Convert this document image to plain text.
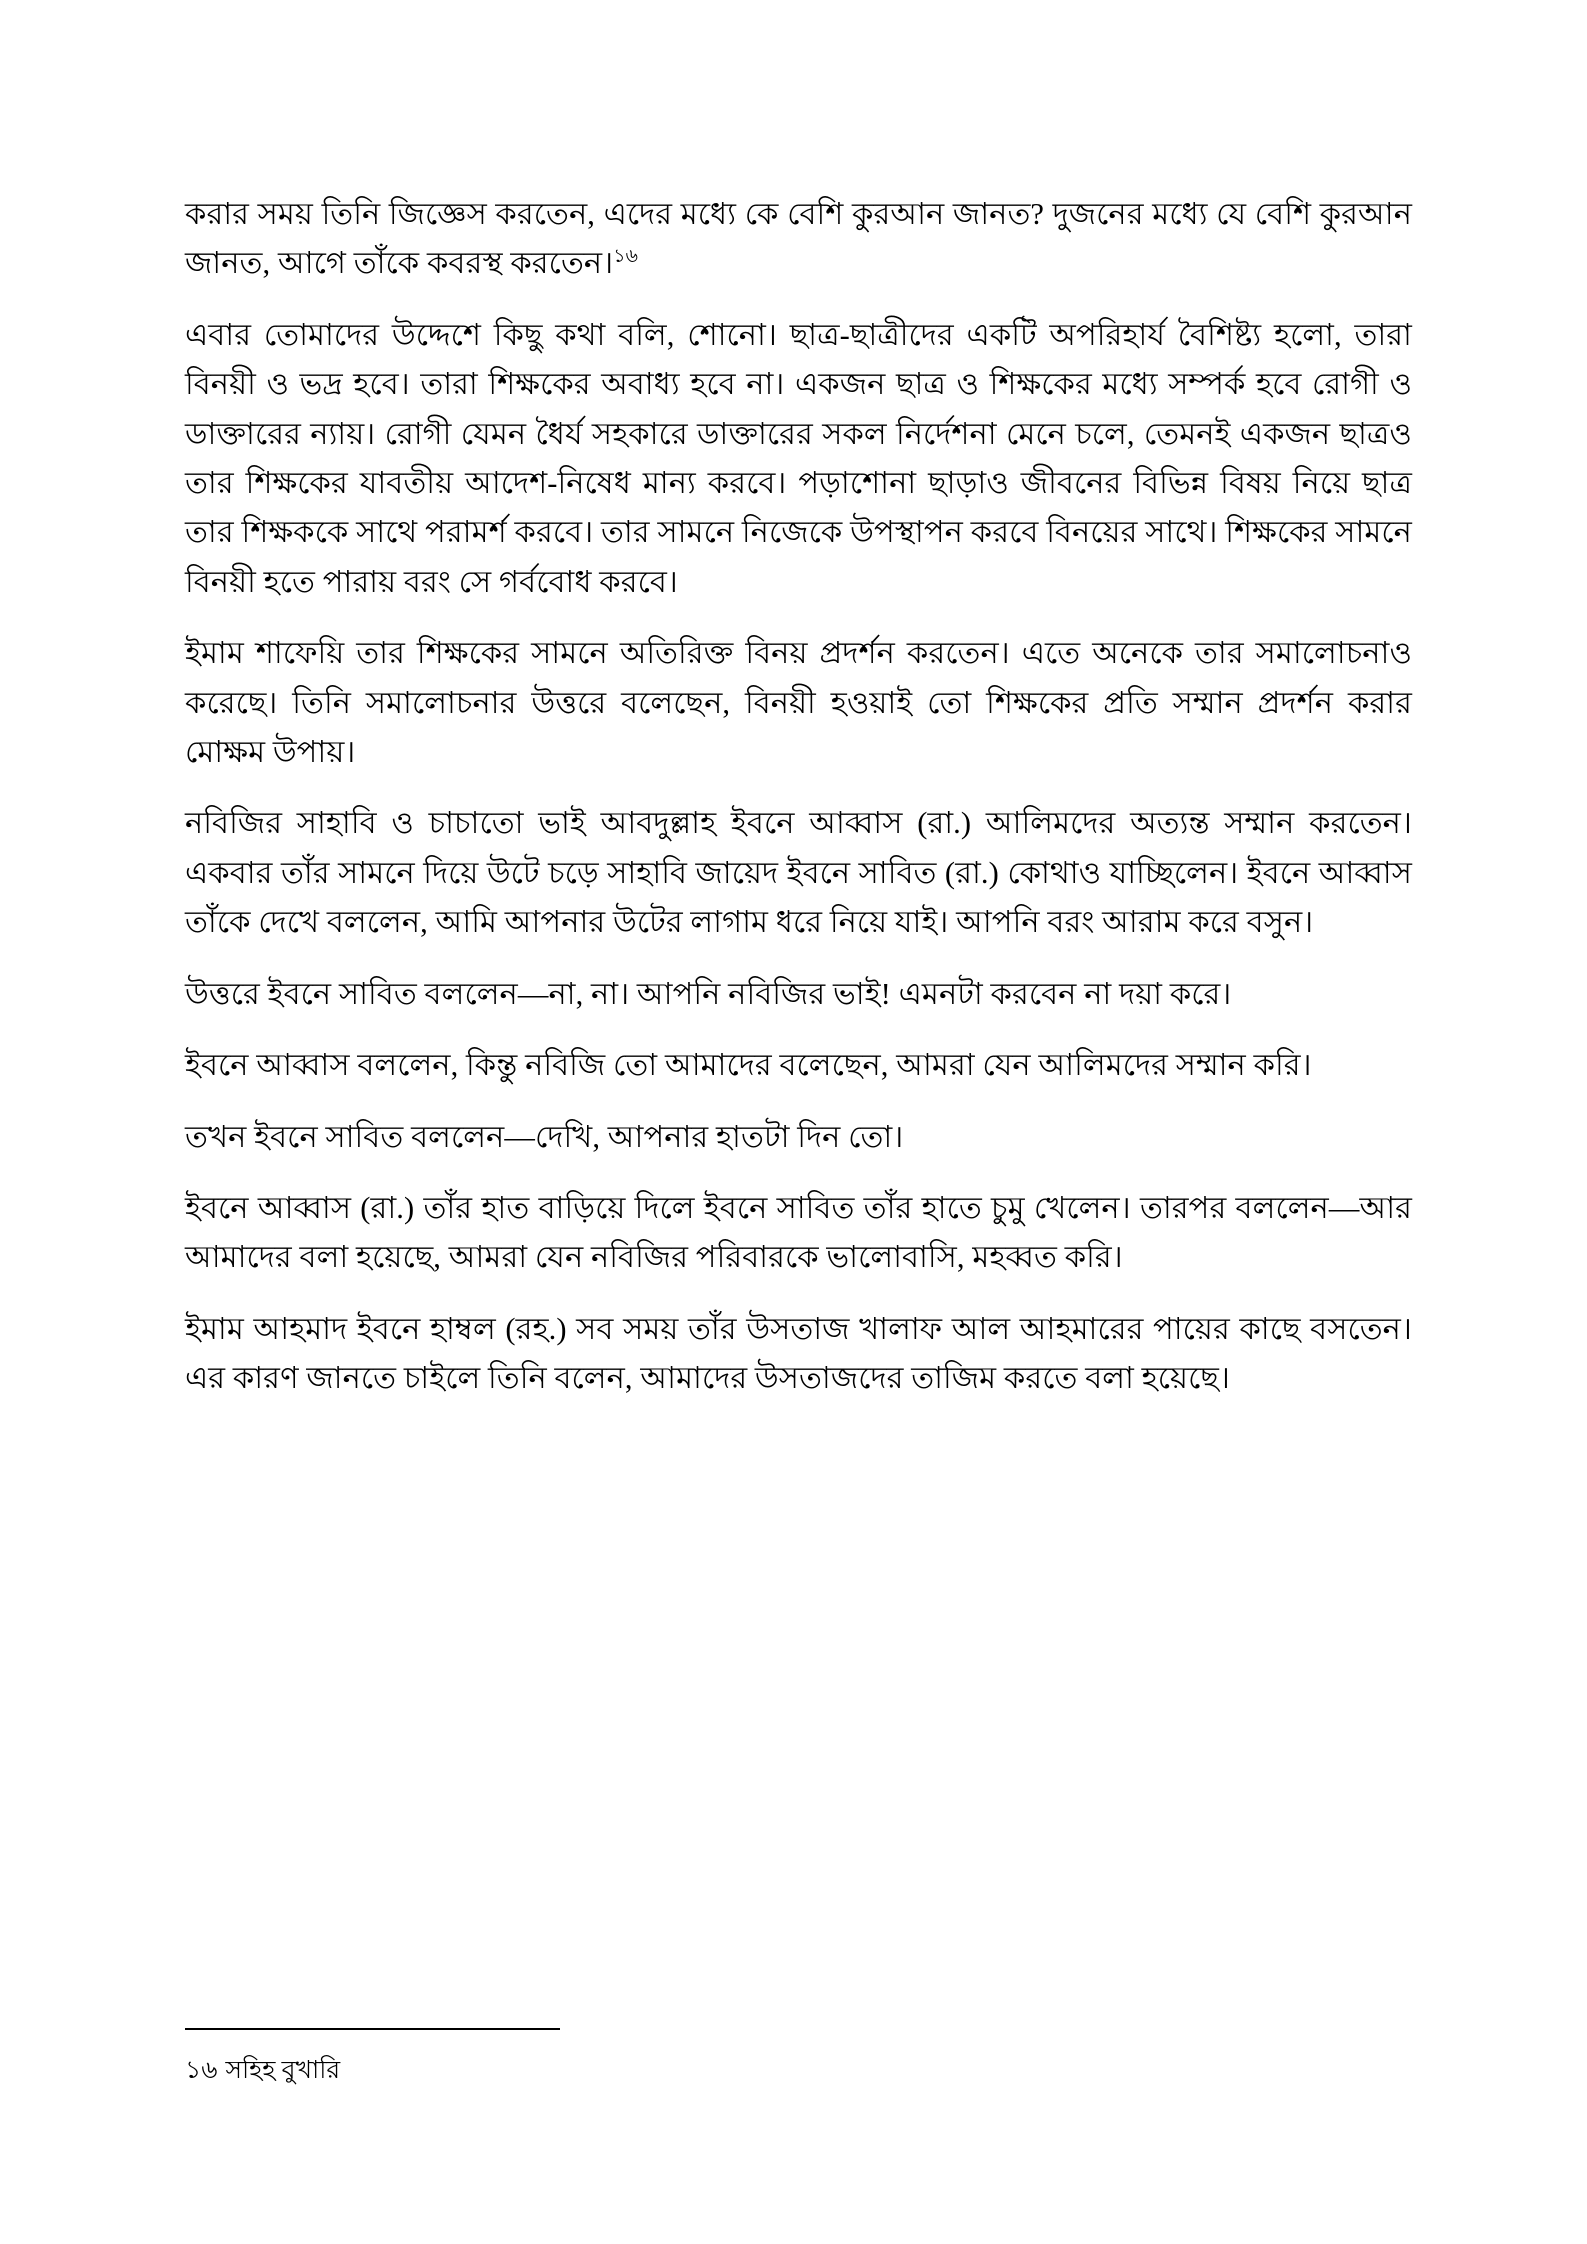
করার সময় তিনি জিজ্ঞেস করতেন, এদের মধ্যে কে বেশি কুরআন জানত? দুজনের মধ্যে যে বেশি কুরআন জানত, আগে তাঁকে কবরস্থ করতেন।$^{১৬}$

এবার তোমাদের উদ্দেশে কিছু কথা বলি, শোনো। ছাত্র-ছাত্রীদের একটি অপরিহার্য বৈশিষ্ট্য হলো, তারা বিনয়ী ও ভদ্র হবে। তারা শিক্ষকের অবাধ্য হবে না। একজন ছাত্র ও শিক্ষকের মধ্যে সম্পর্ক হবে রোগী ও ডাক্তারের ন্যায়। রোগী যেমন ধৈর্য সহকারে ডাক্তারের সকল নির্দেশনা মেনে চলে, তেমনই একজন ছাত্রও তার শিক্ষকের যাবতীয় আদেশ-নিষেধ মান্য করবে। পড়াশোনা ছাড়াও জীবনের বিভিন্ন বিষয় নিয়ে ছাত্র তার শিক্ষককে সাথে পরামর্শ করবে। তার সামনে নিজেকে উপস্থাপন করবে বিনয়ের সাথে। শিক্ষকের সামনে বিনয়ী হতে পারায় বরং সে গর্ববোধ করবে।

ইমাম শাফেয়ি তার শিক্ষকের সামনে অতিরিক্ত বিনয় প্রদর্শন করতেন। এতে অনেকে তার সমালোচনাও করেছে। তিনি সমালোচনার উত্তরে বলেছেন, বিনয়ী হওয়াই তো শিক্ষকের প্রতি সম্মান প্রদর্শন করার মোক্ষম উপায়।

নবিজির সাহাবি ও চাচাতো ভাই আবদুল্লাহ ইবনে আব্বাস (রা.) আলিমদের অত্যন্ত সম্মান করতেন। একবার তাঁর সামনে দিয়ে উটে চড়ে সাহাবি জায়েদ ইবনে সাবিত (রা.) কোথাও যাচ্ছিলেন। ইবনে আব্বাস তাঁকে দেখে বললেন, আমি আপনার উটের লাগাম ধরে নিয়ে যাই। আপনি বরং আরাম করে বসুন।

উত্তরে ইবনে সাবিত বললেন—না, না। আপনি নবিজির ভাই! এমনটা করবেন না দয়া করে।

ইবনে আব্বাস বললেন, কিন্তু নবিজি তো আমাদের বলেছেন, আমরা যেন আলিমদের সম্মান করি।

তখন ইবনে সাবিত বললেন—দেখি, আপনার হাতটা দিন তো।

ইবনে আব্বাস (রা.) তাঁর হাত বাড়িয়ে দিলে ইবনে সাবিত তাঁর হাতে চুমু খেলেন। তারপর বললেন—আর আমাদের বলা হয়েছে, আমরা যেন নবিজির পরিবারকে ভালোবাসি, মহব্বত করি।

ইমাম আহমাদ ইবনে হাম্বল (রহ.) সব সময় তাঁর উসতাজ খালাফ আল আহমারের পায়ের কাছে বসতেন। এর কারণ জানতে চাইলে তিনি বলেন, আমাদের উসতাজদের তাজিম করতে বলা হয়েছে।

১৬ সহিহ বুখারি
